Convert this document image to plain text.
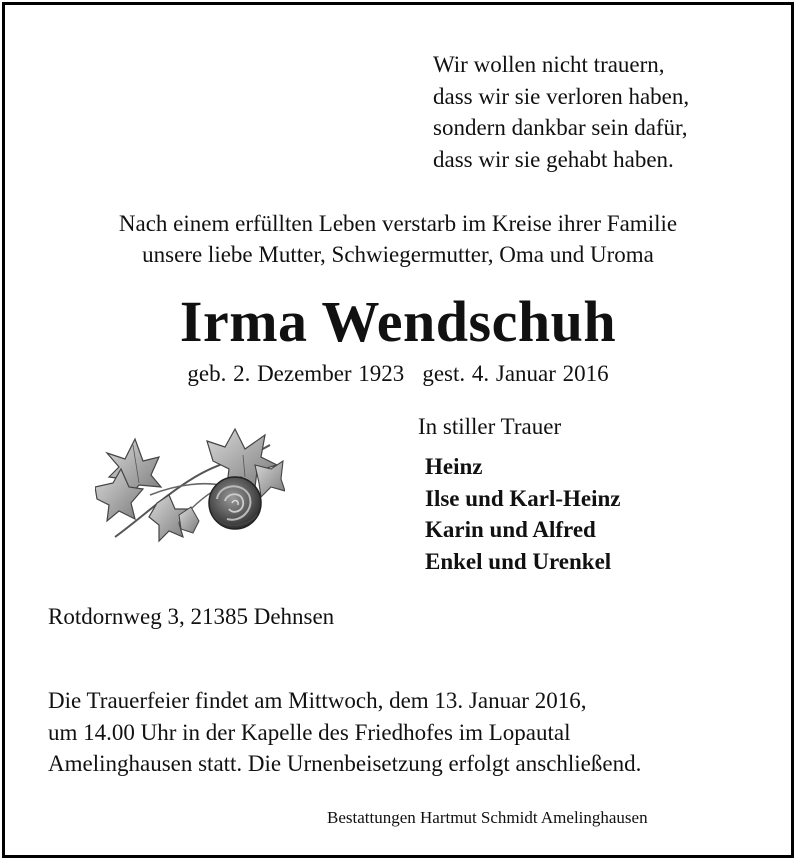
Wir wollen nicht trauern,
dass wir sie verloren haben,
sondern dankbar sein dafür,
dass wir sie gehabt haben.
Nach einem erfüllten Leben verstarb im Kreise ihrer Familie
unsere liebe Mutter, Schwiegermutter, Oma und Uroma
Irma Wendschuh
geb. 2. Dezember 1923 gest. 4. Januar 2016
In stiller Trauer
Heinz
Ilse und Karl-Heinz
Karin und Alfred
Enkel und Urenkel
Rotdornweg 3, 21385 Dehnsen
Die Trauerfeier findet am Mittwoch, dem 13. Januar 2016,
um 14.00 Uhr in der Kapelle des Friedhofes im Lopautal
Amelinghausen statt. Die Urnenbeisetzung erfolgt anschließend.
Bestattungen Hartmut Schmidt Amelinghausen
